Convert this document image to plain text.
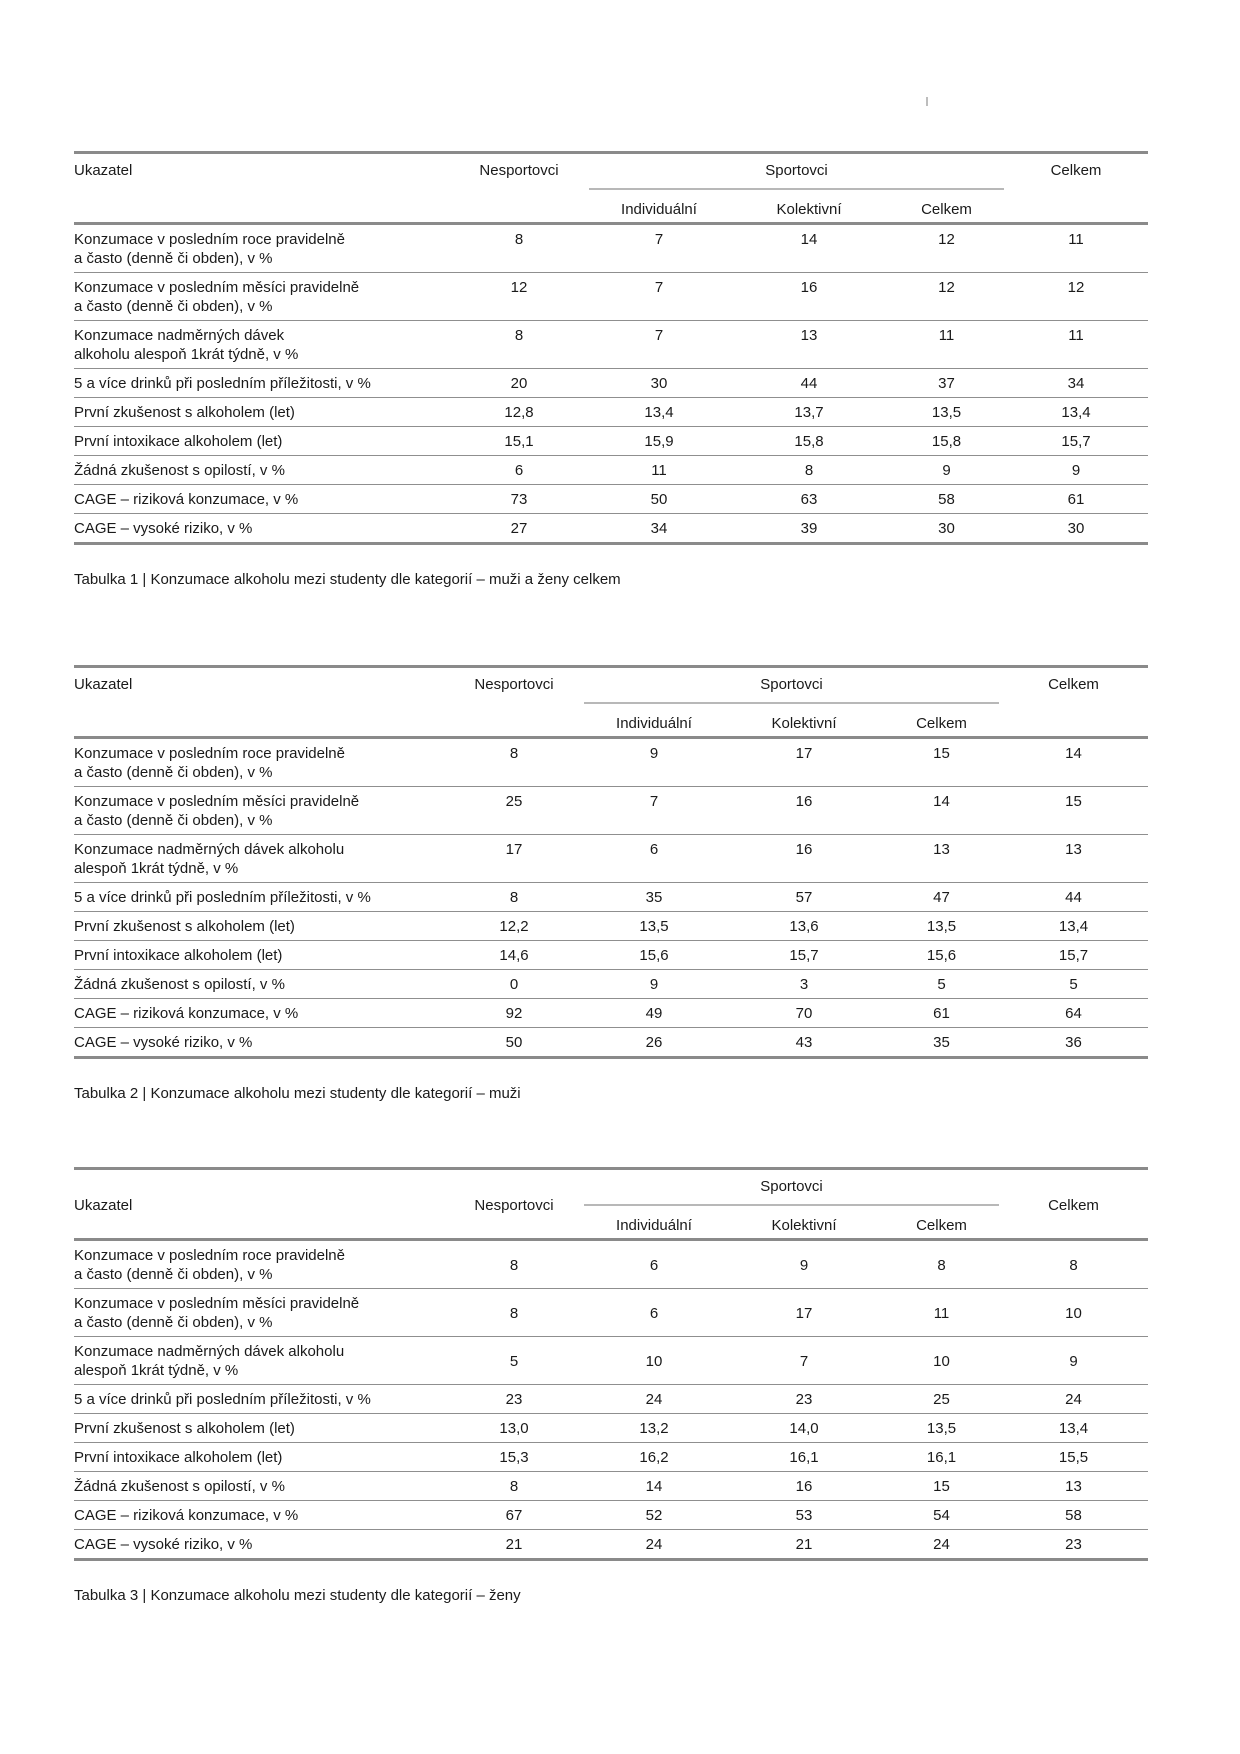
Ukazatel	Nesportovci	Sportovci			Celkem
		Individuální	Kolektivní	Celkem	
Konzumace v posledním roce pravidelně
a často (denně či obden), v %	8	7	14	12	11
Konzumace v posledním měsíci pravidelně
a často (denně či obden), v %	12	7	16	12	12
Konzumace nadměrných dávek
alkoholu alespoň 1krát týdně, v %	8	7	13	11	11
5 a více drinků při posledním příležitosti, v %	20	30	44	37	34
První zkušenost s alkoholem (let)	12,8	13,4	13,7	13,5	13,4
První intoxikace alkoholem (let)	15,1	15,9	15,8	15,8	15,7
Žádná zkušenost s opilostí, v %	6	11	8	9	9
CAGE – riziková konzumace, v %	73	50	63	58	61
CAGE – vysoké riziko, v %	27	34	39	30	30
Tabulka 1 | Konzumace alkoholu mezi studenty dle kategorií – muži a ženy celkem
Ukazatel	Nesportovci	Sportovci			Celkem
		Individuální	Kolektivní	Celkem	
Konzumace v posledním roce pravidelně
a často (denně či obden), v %	8	9	17	15	14
Konzumace v posledním měsíci pravidelně
a často (denně či obden), v %	25	7	16	14	15
Konzumace nadměrných dávek alkoholu
alespoň 1krát týdně, v %	17	6	16	13	13
5 a více drinků při posledním příležitosti, v %	8	35	57	47	44
První zkušenost s alkoholem (let)	12,2	13,5	13,6	13,5	13,4
První intoxikace alkoholem (let)	14,6	15,6	15,7	15,6	15,7
Žádná zkušenost s opilostí, v %	0	9	3	5	5
CAGE – riziková konzumace, v %	92	49	70	61	64
CAGE – vysoké riziko, v %	50	26	43	35	36
Tabulka 2 | Konzumace alkoholu mezi studenty dle kategorií – muži
Ukazatel	Nesportovci	Sportovci			Celkem
		Individuální	Kolektivní	Celkem	
Konzumace v posledním roce pravidelně
a často (denně či obden), v %	8	6	9	8	8
Konzumace v posledním měsíci pravidelně
a často (denně či obden), v %	8	6	17	11	10
Konzumace nadměrných dávek alkoholu
alespoň 1krát týdně, v %	5	10	7	10	9
5 a více drinků při posledním příležitosti, v %	23	24	23	25	24
První zkušenost s alkoholem (let)	13,0	13,2	14,0	13,5	13,4
První intoxikace alkoholem (let)	15,3	16,2	16,1	16,1	15,5
Žádná zkušenost s opilostí, v %	8	14	16	15	13
CAGE – riziková konzumace, v %	67	52	53	54	58
CAGE – vysoké riziko, v %	21	24	21	24	23
Tabulka 3 | Konzumace alkoholu mezi studenty dle kategorií – ženy
